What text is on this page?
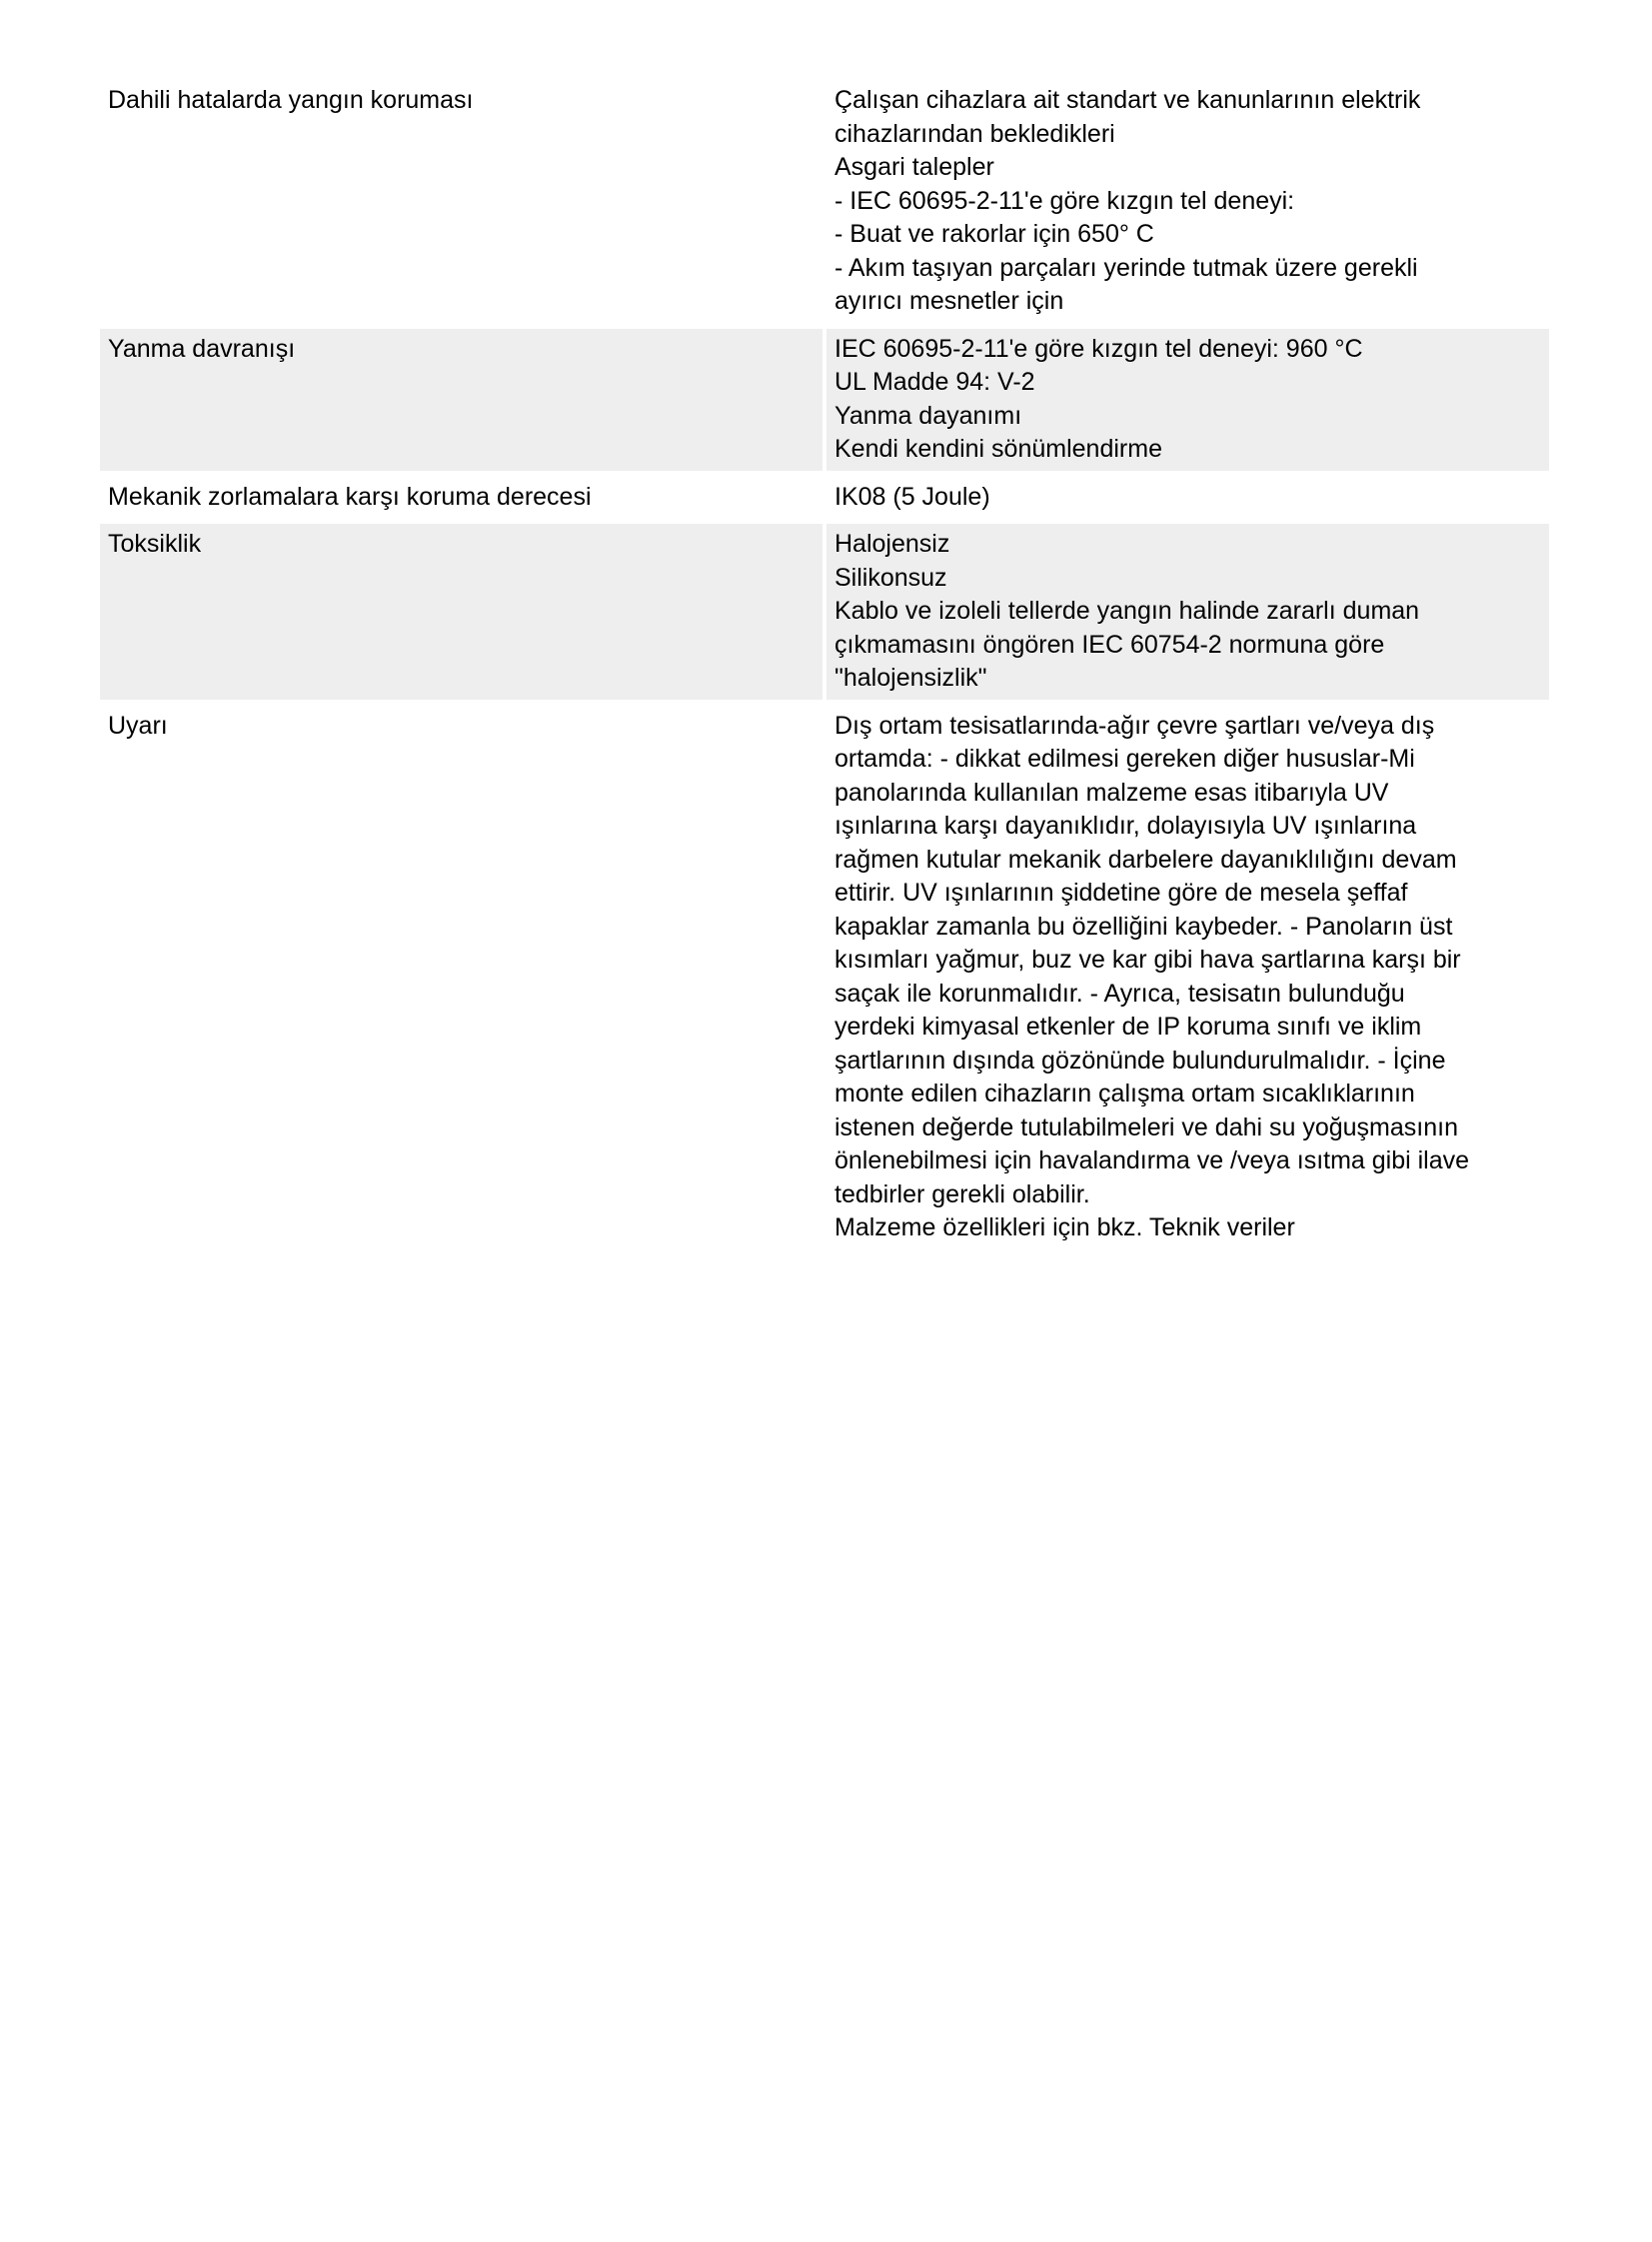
Dahili hatalarda yangın koruması	Çalışan cihazlara ait standart ve kanunlarının elektrik
cihazlarından bekledikleri
Asgari talepler
- IEC 60695-2-11'e göre kızgın tel deneyi:
- Buat ve rakorlar için 650° C
- Akım taşıyan parçaları yerinde tutmak üzere gerekli
ayırıcı mesnetler için
Yanma davranışı	IEC 60695-2-11'e göre kızgın tel deneyi: 960 °C
UL Madde 94: V-2
Yanma dayanımı
Kendi kendini sönümlendirme
Mekanik zorlamalara karşı koruma derecesi	IK08 (5 Joule)
Toksiklik	Halojensiz
Silikonsuz
Kablo ve izoleli tellerde yangın halinde zararlı duman
çıkmamasını öngören IEC 60754-2 normuna göre
"halojensizlik"
Uyarı	Dış ortam tesisatlarında-ağır çevre şartları ve/veya dış
ortamda: - dikkat edilmesi gereken diğer hususlar-Mi
panolarında kullanılan malzeme esas itibarıyla UV
ışınlarına karşı dayanıklıdır, dolayısıyla UV ışınlarına
rağmen kutular mekanik darbelere dayanıklılığını devam
ettirir. UV ışınlarının şiddetine göre de mesela şeffaf
kapaklar zamanla bu özelliğini kaybeder. - Panoların üst
kısımları yağmur, buz ve kar gibi hava şartlarına karşı bir
saçak ile korunmalıdır. - Ayrıca, tesisatın bulunduğu
yerdeki kimyasal etkenler de IP koruma sınıfı ve iklim
şartlarının dışında gözönünde bulundurulmalıdır. - İçine
monte edilen cihazların çalışma ortam sıcaklıklarının
istenen değerde tutulabilmeleri ve dahi su yoğuşmasının
önlenebilmesi için havalandırma ve /veya ısıtma gibi ilave
tedbirler gerekli olabilir.
Malzeme özellikleri için bkz. Teknik veriler
